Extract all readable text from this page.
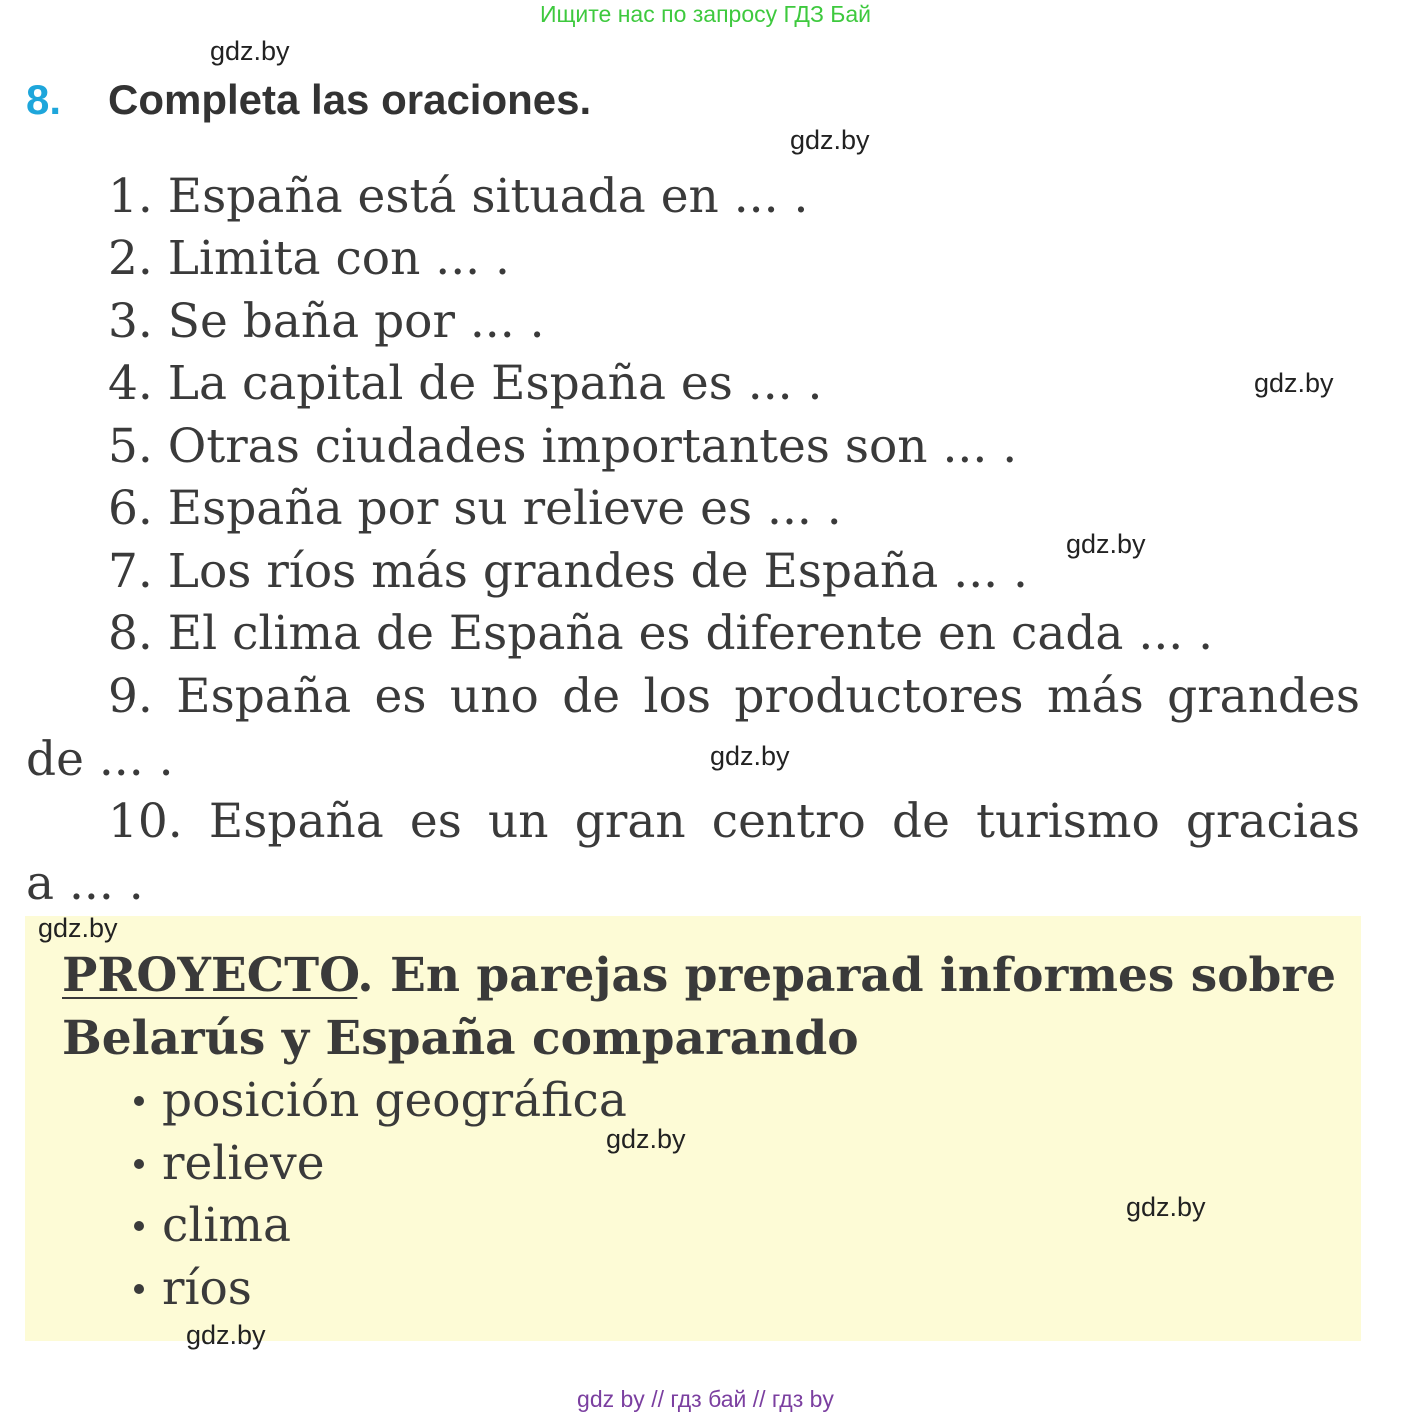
Ищите нас по запросу ГДЗ Бай
gdz.by
8. Completa las oraciones.
gdz.by
1. España está situada en ... .
2. Limita con ... .
3. Se baña por ... .
4. La capital de España es ... .	gdz.by
5. Otras ciudades importantes son ... .
6. España por su relieve es ... .
gdz.by
7. Los ríos más grandes de España ... .
8. El clima de España es diferente en cada ... .
9. España es uno de los productores más grandes
de ... .	gdz.by
10. España es un gran centro de turismo gracias
a ... .
gdz.by
PROYECTO. En parejas preparad informes sobre
Belarús y España comparando
posición geográfica
gdz.by
relieve
gdz.by
clima
ríos
gdz.by
gdz by // гдз бай // гдз by
